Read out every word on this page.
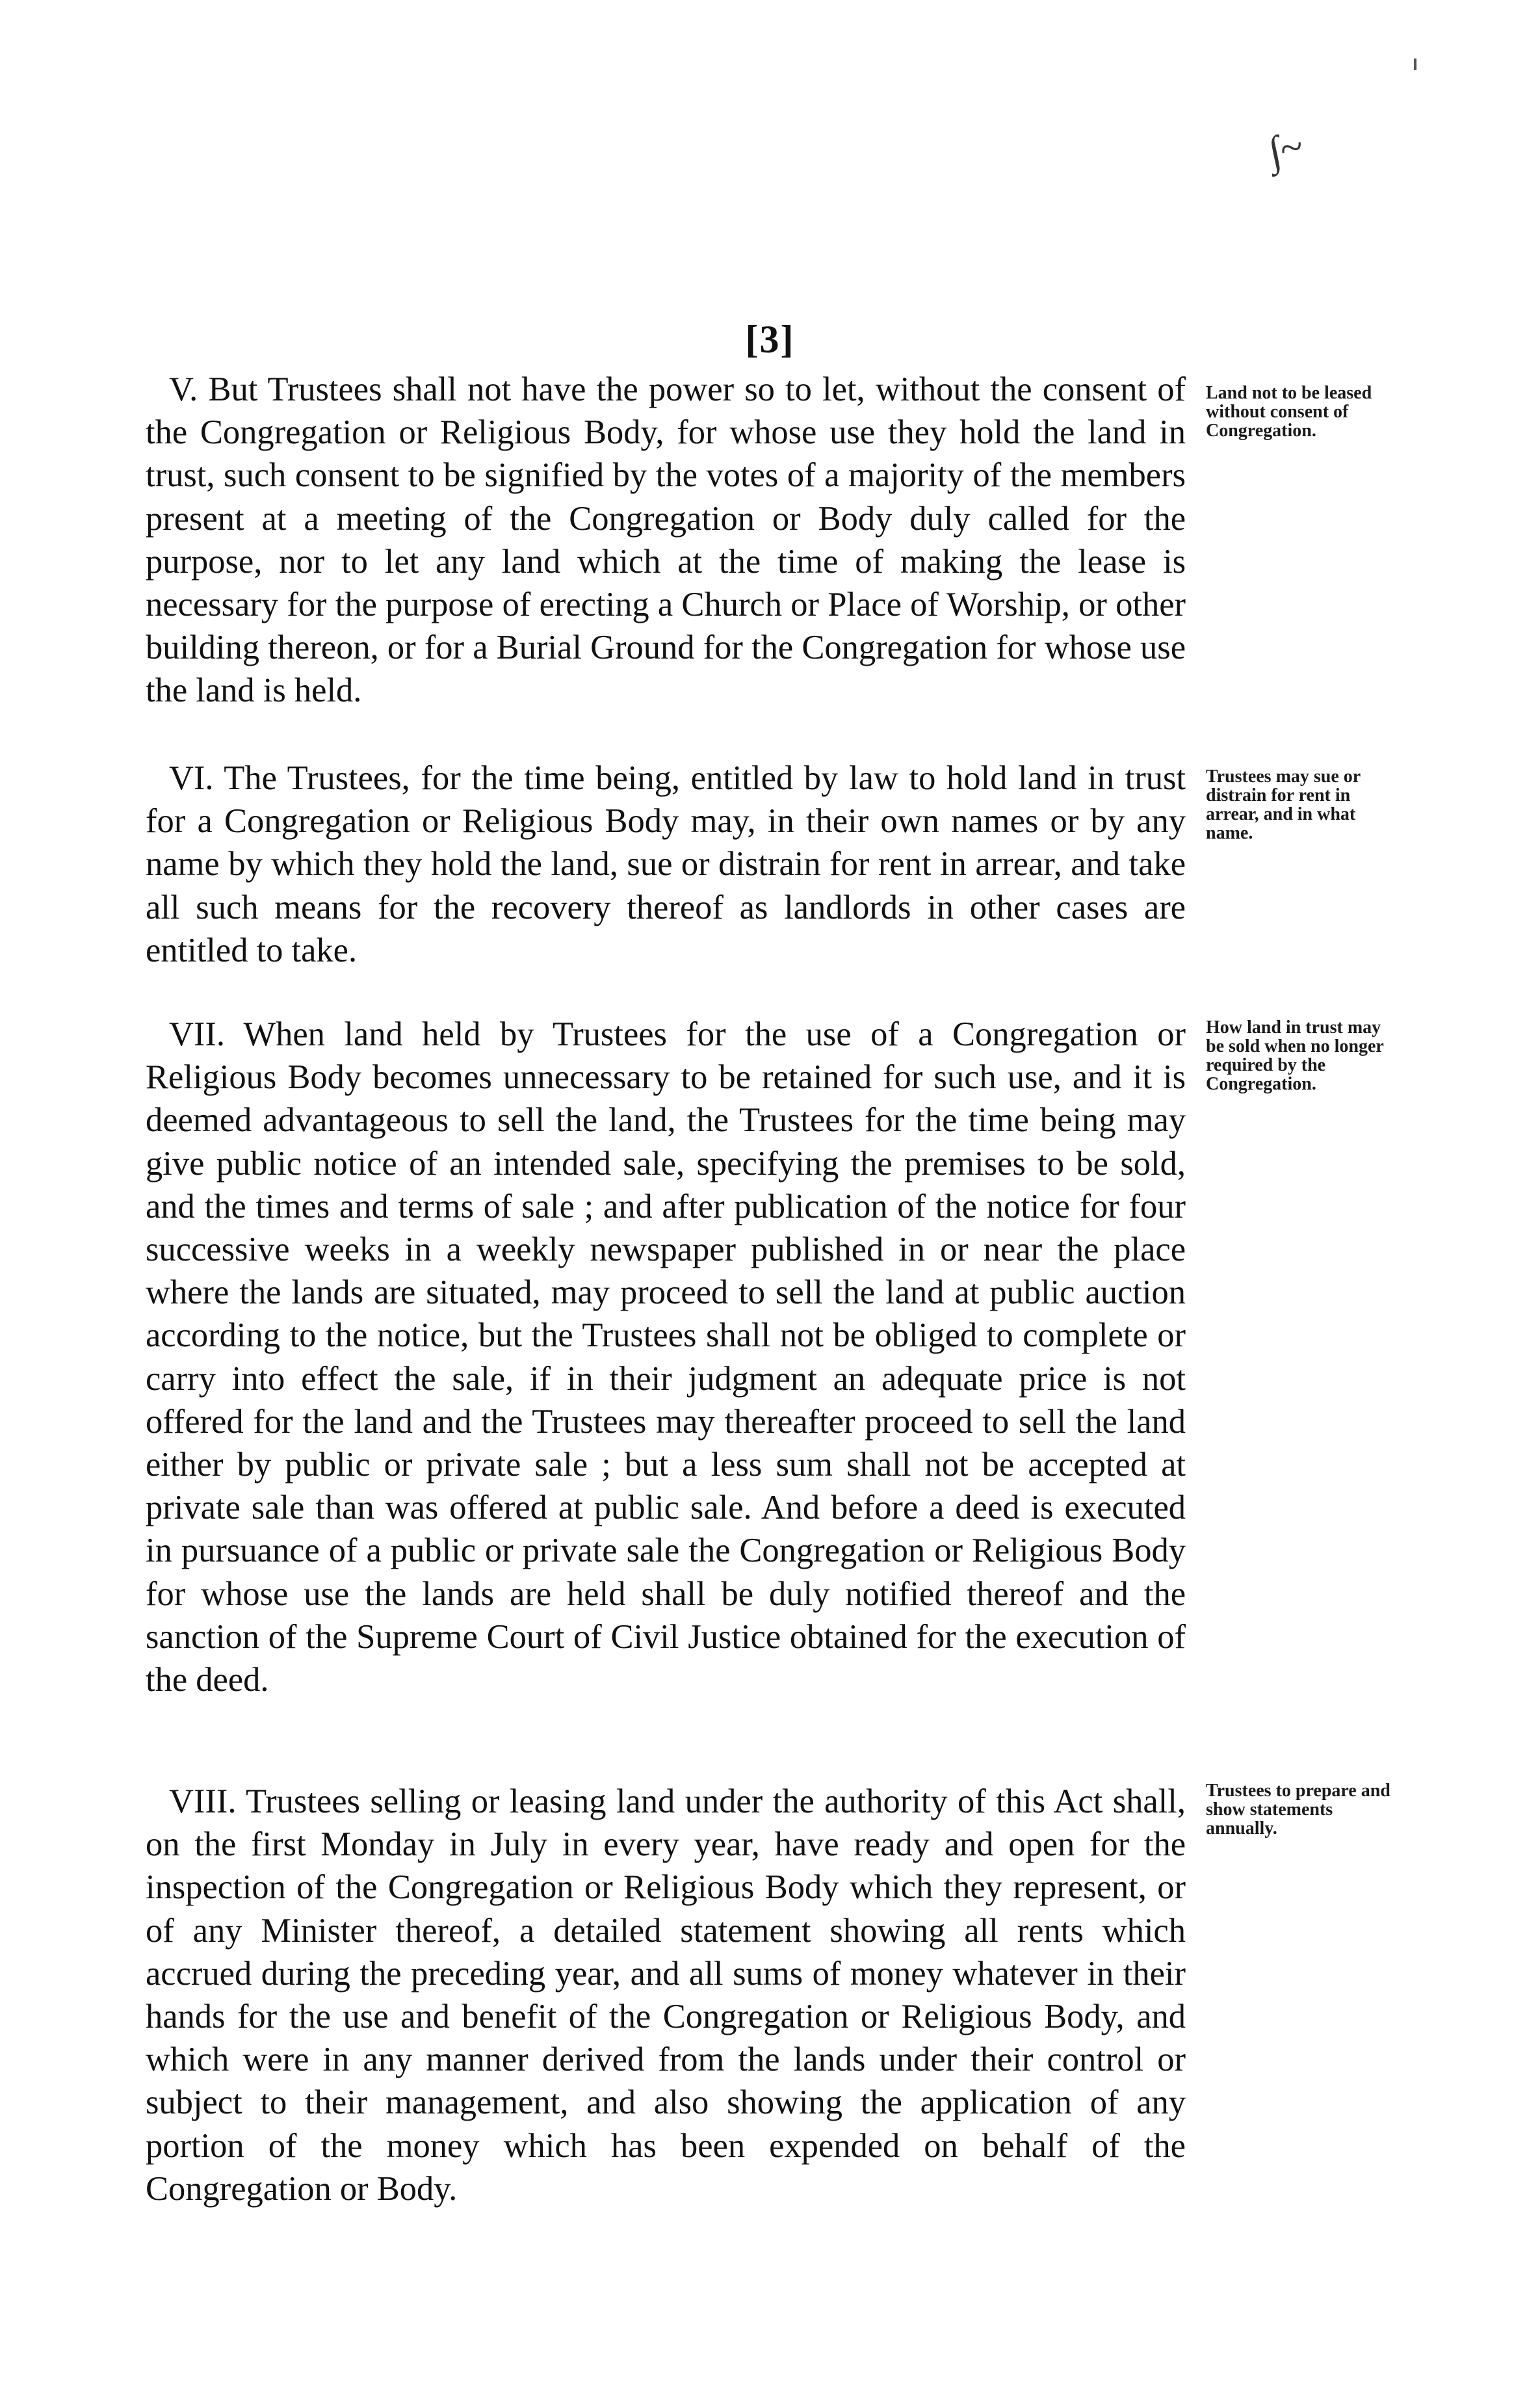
∫~
[3]
V. But Trustees shall not have the power so to let, without the consent of the Congregation or Religious Body, for whose use they hold the land in trust, such consent to be signified by the votes of a majority of the members present at a meeting of the Congregation or Body duly called for the purpose, nor to let any land which at the time of making the lease is necessary for the purpose of erecting a Church or Place of Worship, or other building thereon, or for a Burial Ground for the Congregation for whose use the land is held.
Land not to be leased without consent of Congregation.
VI. The Trustees, for the time being, entitled by law to hold land in trust for a Congregation or Religious Body may, in their own names or by any name by which they hold the land, sue or distrain for rent in arrear, and take all such means for the recovery thereof as landlords in other cases are entitled to take.
Trustees may sue or distrain for rent in arrear, and in what name.
VII. When land held by Trustees for the use of a Congregation or Religious Body becomes unnecessary to be retained for such use, and it is deemed advantageous to sell the land, the Trustees for the time being may give public notice of an intended sale, specifying the premises to be sold, and the times and terms of sale ; and after publication of the notice for four successive weeks in a weekly newspaper published in or near the place where the lands are situated, may proceed to sell the land at public auction according to the notice, but the Trustees shall not be obliged to complete or carry into effect the sale, if in their judgment an adequate price is not offered for the land and the Trustees may thereafter proceed to sell the land either by public or private sale ; but a less sum shall not be accepted at private sale than was offered at public sale. And before a deed is executed in pursuance of a public or private sale the Congregation or Religious Body for whose use the lands are held shall be duly notified thereof and the sanction of the Supreme Court of Civil Justice obtained for the execution of the deed.
How land in trust may be sold when no longer required by the Congregation.
VIII. Trustees selling or leasing land under the authority of this Act shall, on the first Monday in July in every year, have ready and open for the inspection of the Congregation or Religious Body which they represent, or of any Minister thereof, a detailed statement showing all rents which accrued during the preceding year, and all sums of money whatever in their hands for the use and benefit of the Congregation or Religious Body, and which were in any manner derived from the lands under their control or subject to their management, and also showing the application of any portion of the money which has been expended on behalf of the Congregation or Body.
Trustees to prepare and show statements annually.
